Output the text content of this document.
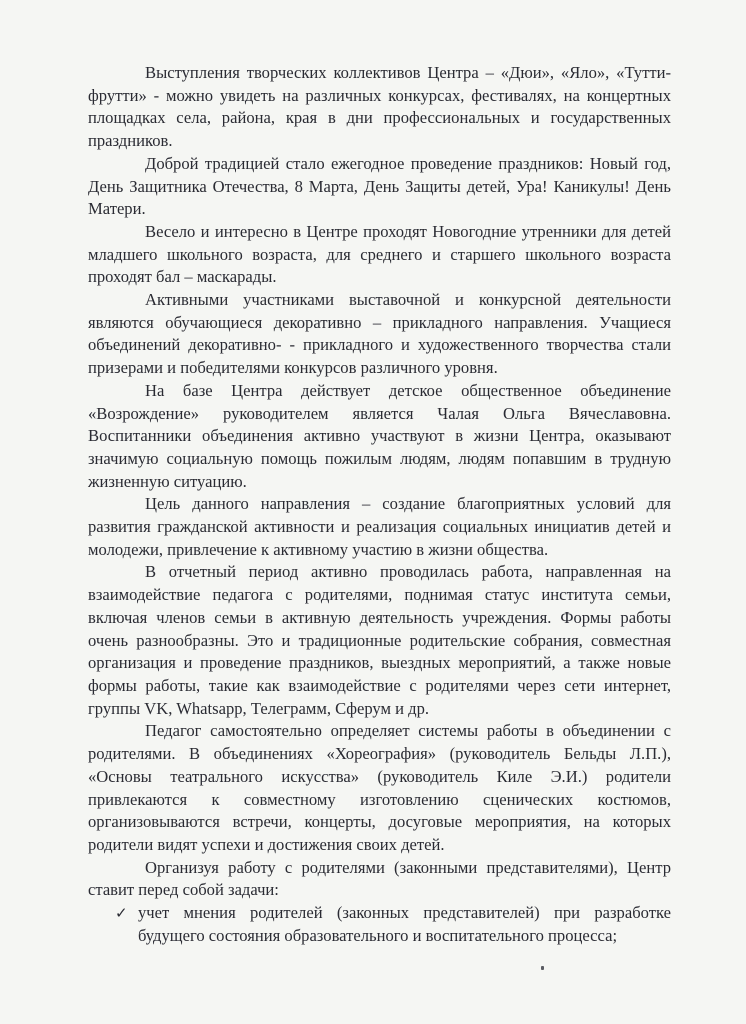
Выступления творческих коллективов Центра – «Дюи», «Яло», «Тутти-фрутти» - можно увидеть на различных конкурсах, фестивалях, на концертных площадках села, района, края в дни профессиональных и государственных праздников.

Доброй традицией стало ежегодное проведение праздников: Новый год, День Защитника Отечества, 8 Марта, День Защиты детей, Ура! Каникулы! День Матери.

Весело и интересно в Центре проходят Новогодние утренники для детей младшего школьного возраста, для среднего и старшего школьного возраста проходят бал – маскарады.

Активными участниками выставочной и конкурсной деятельности являются обучающиеся декоративно – прикладного направления. Учащиеся объединений декоративно- - прикладного и художественного творчества стали призерами и победителями конкурсов различного уровня.

На базе Центра действует детское общественное объединение «Возрождение» руководителем является Чалая Ольга Вячеславовна. Воспитанники объединения активно участвуют в жизни Центра, оказывают значимую социальную помощь пожилым людям, людям попавшим в трудную жизненную ситуацию.

Цель данного направления – создание благоприятных условий для развития гражданской активности и реализация социальных инициатив детей и молодежи, привлечение к активному участию в жизни общества.

В отчетный период активно проводилась работа, направленная на взаимодействие педагога с родителями, поднимая статус института семьи, включая членов семьи в активную деятельность учреждения. Формы работы очень разнообразны. Это и традиционные родительские собрания, совместная организация и проведение праздников, выездных мероприятий, а также новые формы работы, такие как взаимодействие с родителями через сети интернет, группы VK, Whatsapp, Телеграмм, Сферум и др.

Педагог самостоятельно определяет системы работы в объединении с родителями. В объединениях «Хореография» (руководитель Бельды Л.П.), «Основы театрального искусства» (руководитель Киле Э.И.) родители привлекаются к совместному изготовлению сценических костюмов, организовываются встречи, концерты, досуговые мероприятия, на которых родители видят успехи и достижения своих детей.

Организуя работу с родителями (законными представителями), Центр ставит перед собой задачи:

✓ учет мнения родителей (законных представителей) при разработке будущего состояния образовательного и воспитательного процесса;
